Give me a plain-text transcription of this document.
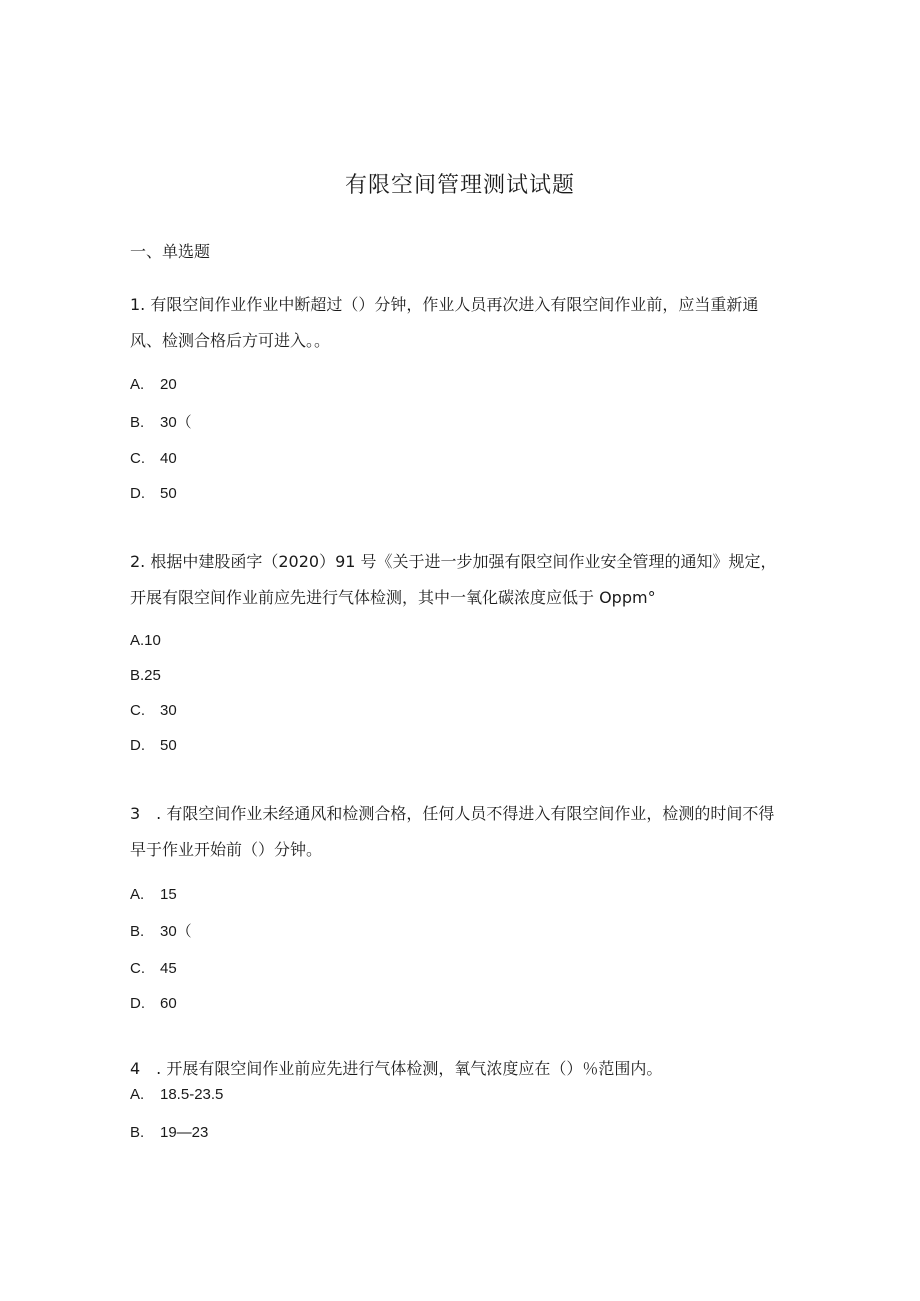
有限空间管理测试试题
一、单选题

1. 有限空间作业作业中断超过（）分钟，作业人员再次进入有限空间作业前，应当重新通风、检测合格后方可进入。。

A. 20
B. 30（
C. 40
D. 50

2. 根据中建股函字（2020）91 号《关于进一步加强有限空间作业安全管理的通知》规定，开展有限空间作业前应先进行气体检测，其中一氧化碳浓度应低于 Oppm°

A.10
B.25
C. 30
D. 50

3　. 有限空间作业未经通风和检测合格，任何人员不得进入有限空间作业，检测的时间不得早于作业开始前（）分钟。

A. 15
B. 30（
C. 45
D. 60

4　. 开展有限空间作业前应先进行气体检测，氧气浓度应在（）％范围内。

A. 18.5-23.5
B. 19—23
